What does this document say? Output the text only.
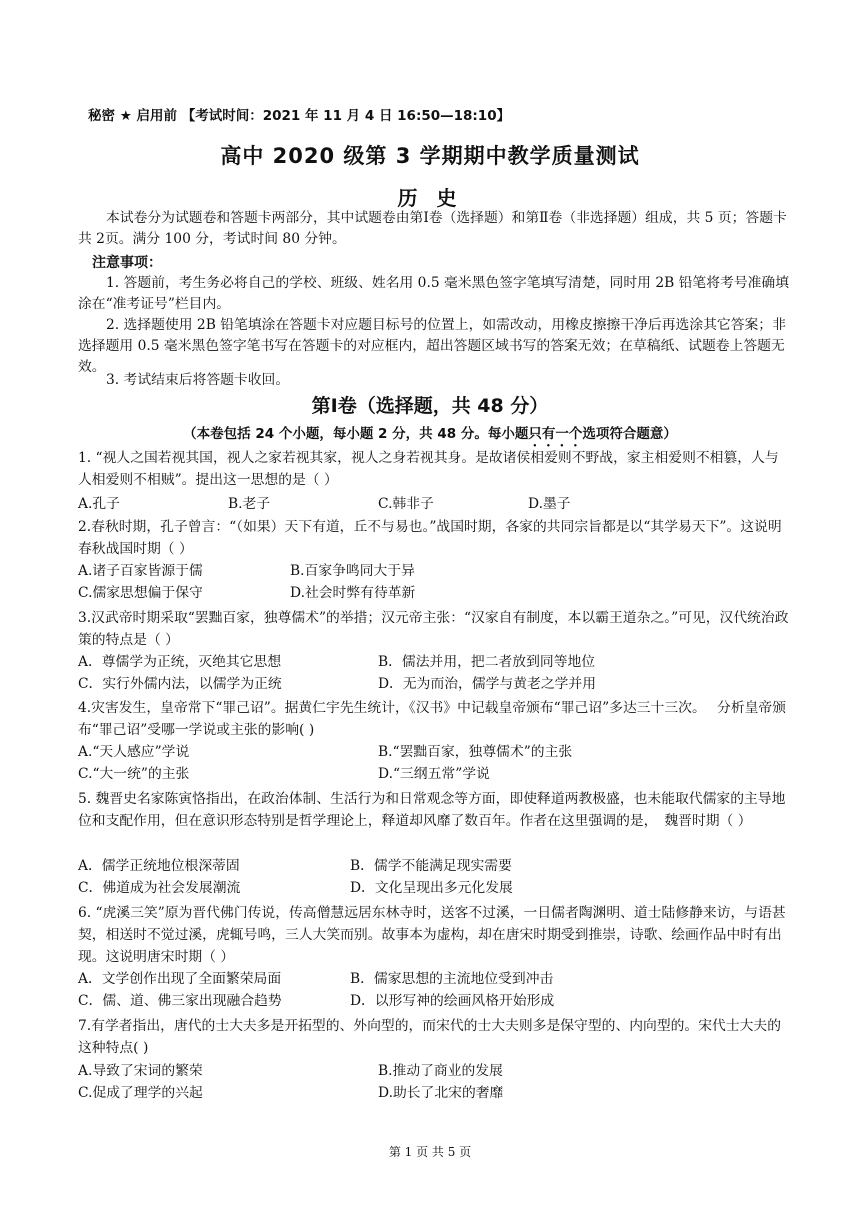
秘密 ★ 启用前 【考试时间：2021 年 11 月 4 日 16:50—18:10】
高中 2020 级第 3 学期期中教学质量测试
历 史
本试卷分为试题卷和答题卡两部分，其中试题卷由第Ⅰ卷（选择题）和第Ⅱ卷（非选择题）组成，共 5 页；答题卡共 2页。满分 100 分，考试时间 80 分钟。
注意事项：
1. 答题前，考生务必将自己的学校、班级、姓名用 0.5 毫米黑色签字笔填写清楚，同时用 2B 铅笔将考号准确填涂在“准考证号”栏目内。
2. 选择题使用 2B 铅笔填涂在答题卡对应题目标号的位置上，如需改动，用橡皮擦擦干净后再选涂其它答案；非选择题用 0.5 毫米黑色签字笔书写在答题卡的对应框内，超出答题区域书写的答案无效；在草稿纸、试题卷上答题无效。
3. 考试结束后将答题卡收回。
第Ⅰ卷（选择题，共 48 分）
（本卷包括 24 个小题，每小题 2 分，共 48 分。每小题只有一个选项符合题意）
1. “视人之国若视其国，视人之家若视其家，视人之身若视其身。是故诸侯相爱则不野战，家主相爱则不相篡，人与人相爱则不相贼”。提出这一思想的是（ ）
A.孔子	B.老子	C.韩非子	D.墨子
2.春秋时期，孔子曾言：“（如果）天下有道，丘不与易也。”战国时期，各家的共同宗旨都是以“其学易天下”。这说明春秋战国时期（ ）
A.诸子百家皆源于儒	B.百家争鸣同大于异
C.儒家思想偏于保守	D.社会时弊有待革新
3.汉武帝时期采取“罢黜百家，独尊儒术”的举措；汉元帝主张：“汉家自有制度，本以霸王道杂之。”可见，汉代统治政策的特点是（ ）
A．尊儒学为正统，灭绝其它思想	B．儒法并用，把二者放到同等地位
C．实行外儒内法，以儒学为正统	D．无为而治，儒学与黄老之学并用
4.灾害发生，皇帝常下“罪己诏”。据黄仁宇先生统计，《汉书》中记载皇帝颁布“罪己诏”多达三十三次。　 分析皇帝颁布“罪己诏”受哪一学说或主张的影响( )
A.“天人感应”学说	B.“罢黜百家，独尊儒术”的主张
C.“大一统”的主张	D.“三纲五常”学说
5. 魏晋史名家陈寅恪指出，在政治体制、生活行为和日常观念等方面，即使释道两教极盛，也未能取代儒家的主导地位和支配作用，但在意识形态特别是哲学理论上，释道却风靡了数百年。作者在这里强调的是，　魏晋时期（ ）
A．儒学正统地位根深蒂固	B．儒学不能满足现实需要
C．佛道成为社会发展潮流	D．文化呈现出多元化发展
6. “虎溪三笑”原为晋代佛门传说，传高僧慧远居东林寺时，送客不过溪，一日儒者陶渊明、道士陆修静来访，与语甚契，相送时不觉过溪，虎辄号鸣，三人大笑而别。故事本为虚构，却在唐宋时期受到推崇，诗歌、绘画作品中时有出现。这说明唐宋时期（ ）
A．文学创作出现了全面繁荣局面	B．儒家思想的主流地位受到冲击
C．儒、道、佛三家出现融合趋势	D．以形写神的绘画风格开始形成
7.有学者指出，唐代的士大夫多是开拓型的、外向型的，而宋代的士大夫则多是保守型的、内向型的。宋代士大夫的这种特点( )
A.导致了宋词的繁荣	B.推动了商业的发展
C.促成了理学的兴起	D.助长了北宋的奢靡
第 1 页 共 5 页
